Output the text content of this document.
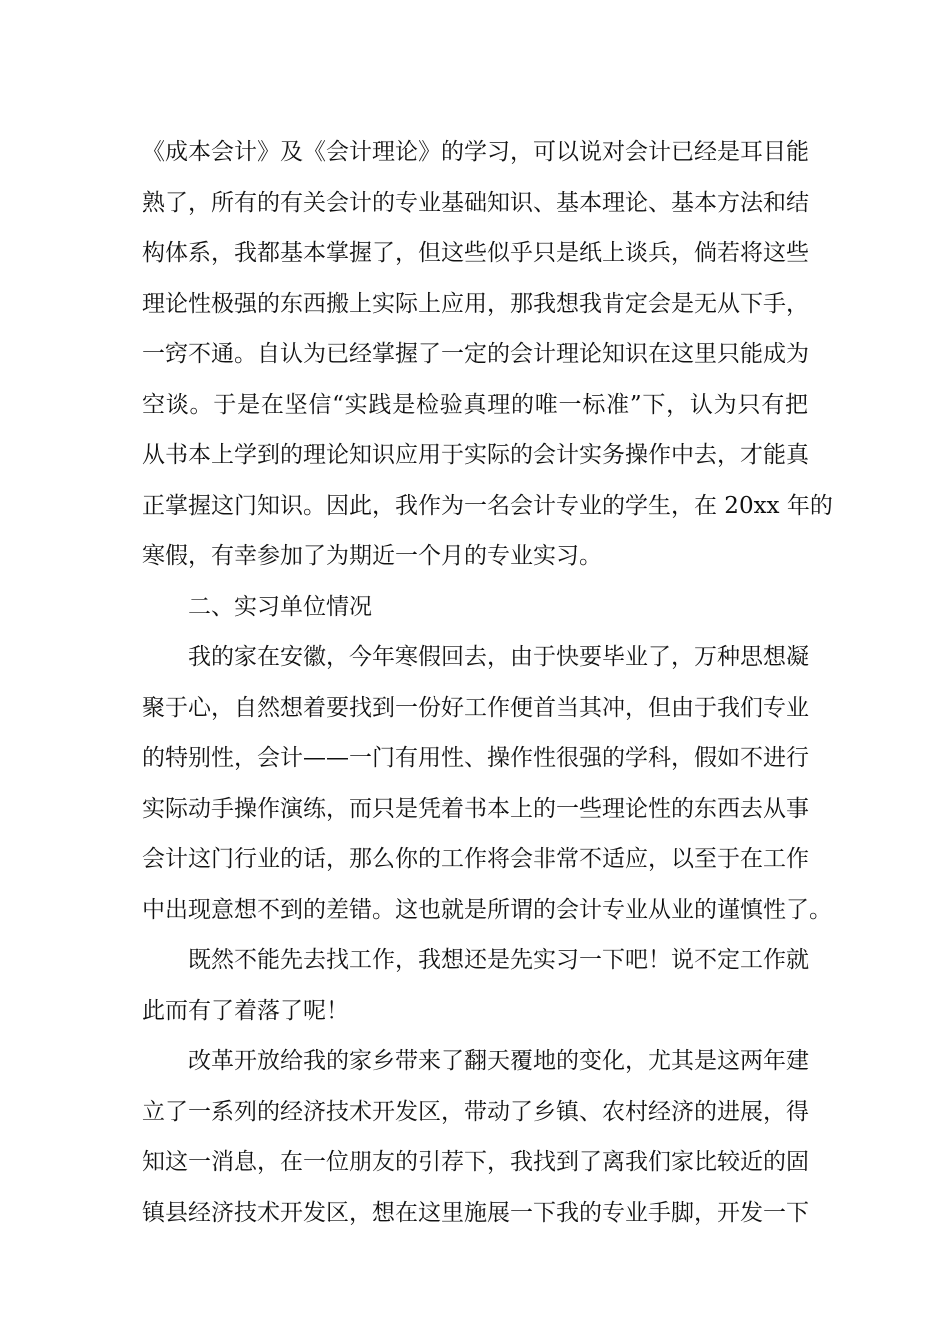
《成本会计》及《会计理论》的学习，可以说对会计已经是耳目能
熟了，所有的有关会计的专业基础知识、基本理论、基本方法和结
构体系，我都基本掌握了，但这些似乎只是纸上谈兵，倘若将这些
理论性极强的东西搬上实际上应用，那我想我肯定会是无从下手，
一窍不通。自认为已经掌握了一定的会计理论知识在这里只能成为
空谈。于是在坚信“实践是检验真理的唯一标准”下，认为只有把
从书本上学到的理论知识应用于实际的会计实务操作中去，才能真
正掌握这门知识。因此，我作为一名会计专业的学生，在 20xx 年的
寒假，有幸参加了为期近一个月的专业实习。
二、实习单位情况
我的家在安徽，今年寒假回去，由于快要毕业了，万种思想凝
聚于心，自然想着要找到一份好工作便首当其冲，但由于我们专业
的特别性，会计——一门有用性、操作性很强的学科，假如不进行
实际动手操作演练，而只是凭着书本上的一些理论性的东西去从事
会计这门行业的话，那么你的工作将会非常不适应，以至于在工作
中出现意想不到的差错。这也就是所谓的会计专业从业的谨慎性了。
既然不能先去找工作，我想还是先实习一下吧！说不定工作就
此而有了着落了呢！
改革开放给我的家乡带来了翻天覆地的变化，尤其是这两年建
立了一系列的经济技术开发区，带动了乡镇、农村经济的进展，得
知这一消息，在一位朋友的引荐下，我找到了离我们家比较近的固
镇县经济技术开发区，想在这里施展一下我的专业手脚，开发一下
